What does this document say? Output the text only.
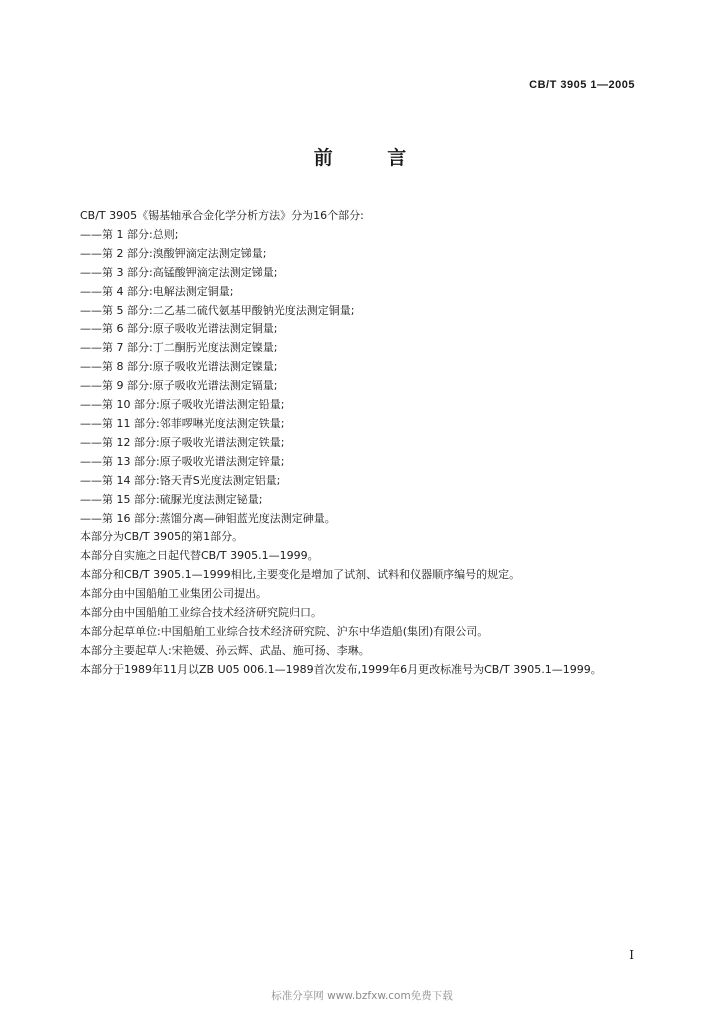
CB/T 3905 1—2005
前 言
CB/T 3905《锡基轴承合金化学分析方法》分为16个部分:
——第 1 部分:总则;
——第 2 部分:溴酸钾滴定法测定锑量;
——第 3 部分:高锰酸钾滴定法测定锑量;
——第 4 部分:电解法测定铜量;
——第 5 部分:二乙基二硫代氨基甲酸钠光度法测定铜量;
——第 6 部分:原子吸收光谱法测定铜量;
——第 7 部分:丁二酮肟光度法测定镍量;
——第 8 部分:原子吸收光谱法测定镍量;
——第 9 部分:原子吸收光谱法测定镉量;
——第 10 部分:原子吸收光谱法测定铅量;
——第 11 部分:邻菲啰啉光度法测定铁量;
——第 12 部分:原子吸收光谱法测定铁量;
——第 13 部分:原子吸收光谱法测定锌量;
——第 14 部分:铬天青S光度法测定铝量;
——第 15 部分:硫脲光度法测定铋量;
——第 16 部分:蒸馏分离—砷钼蓝光度法测定砷量。
本部分为CB/T 3905的第1部分。
本部分自实施之日起代替CB/T 3905.1—1999。
本部分和CB/T 3905.1—1999相比,主要变化是增加了试剂、试料和仪器顺序编号的规定。
本部分由中国船舶工业集团公司提出。
本部分由中国船舶工业综合技术经济研究院归口。
本部分起草单位:中国船舶工业综合技术经济研究院、沪东中华造船(集团)有限公司。
本部分主要起草人:宋艳媛、孙云辉、武晶、施可扬、李琳。
本部分于1989年11月以ZB U05 006.1—1989首次发布,1999年6月更改标准号为CB/T 3905.1—1999。
I
标准分享网 www.bzfxw.com免费下载
